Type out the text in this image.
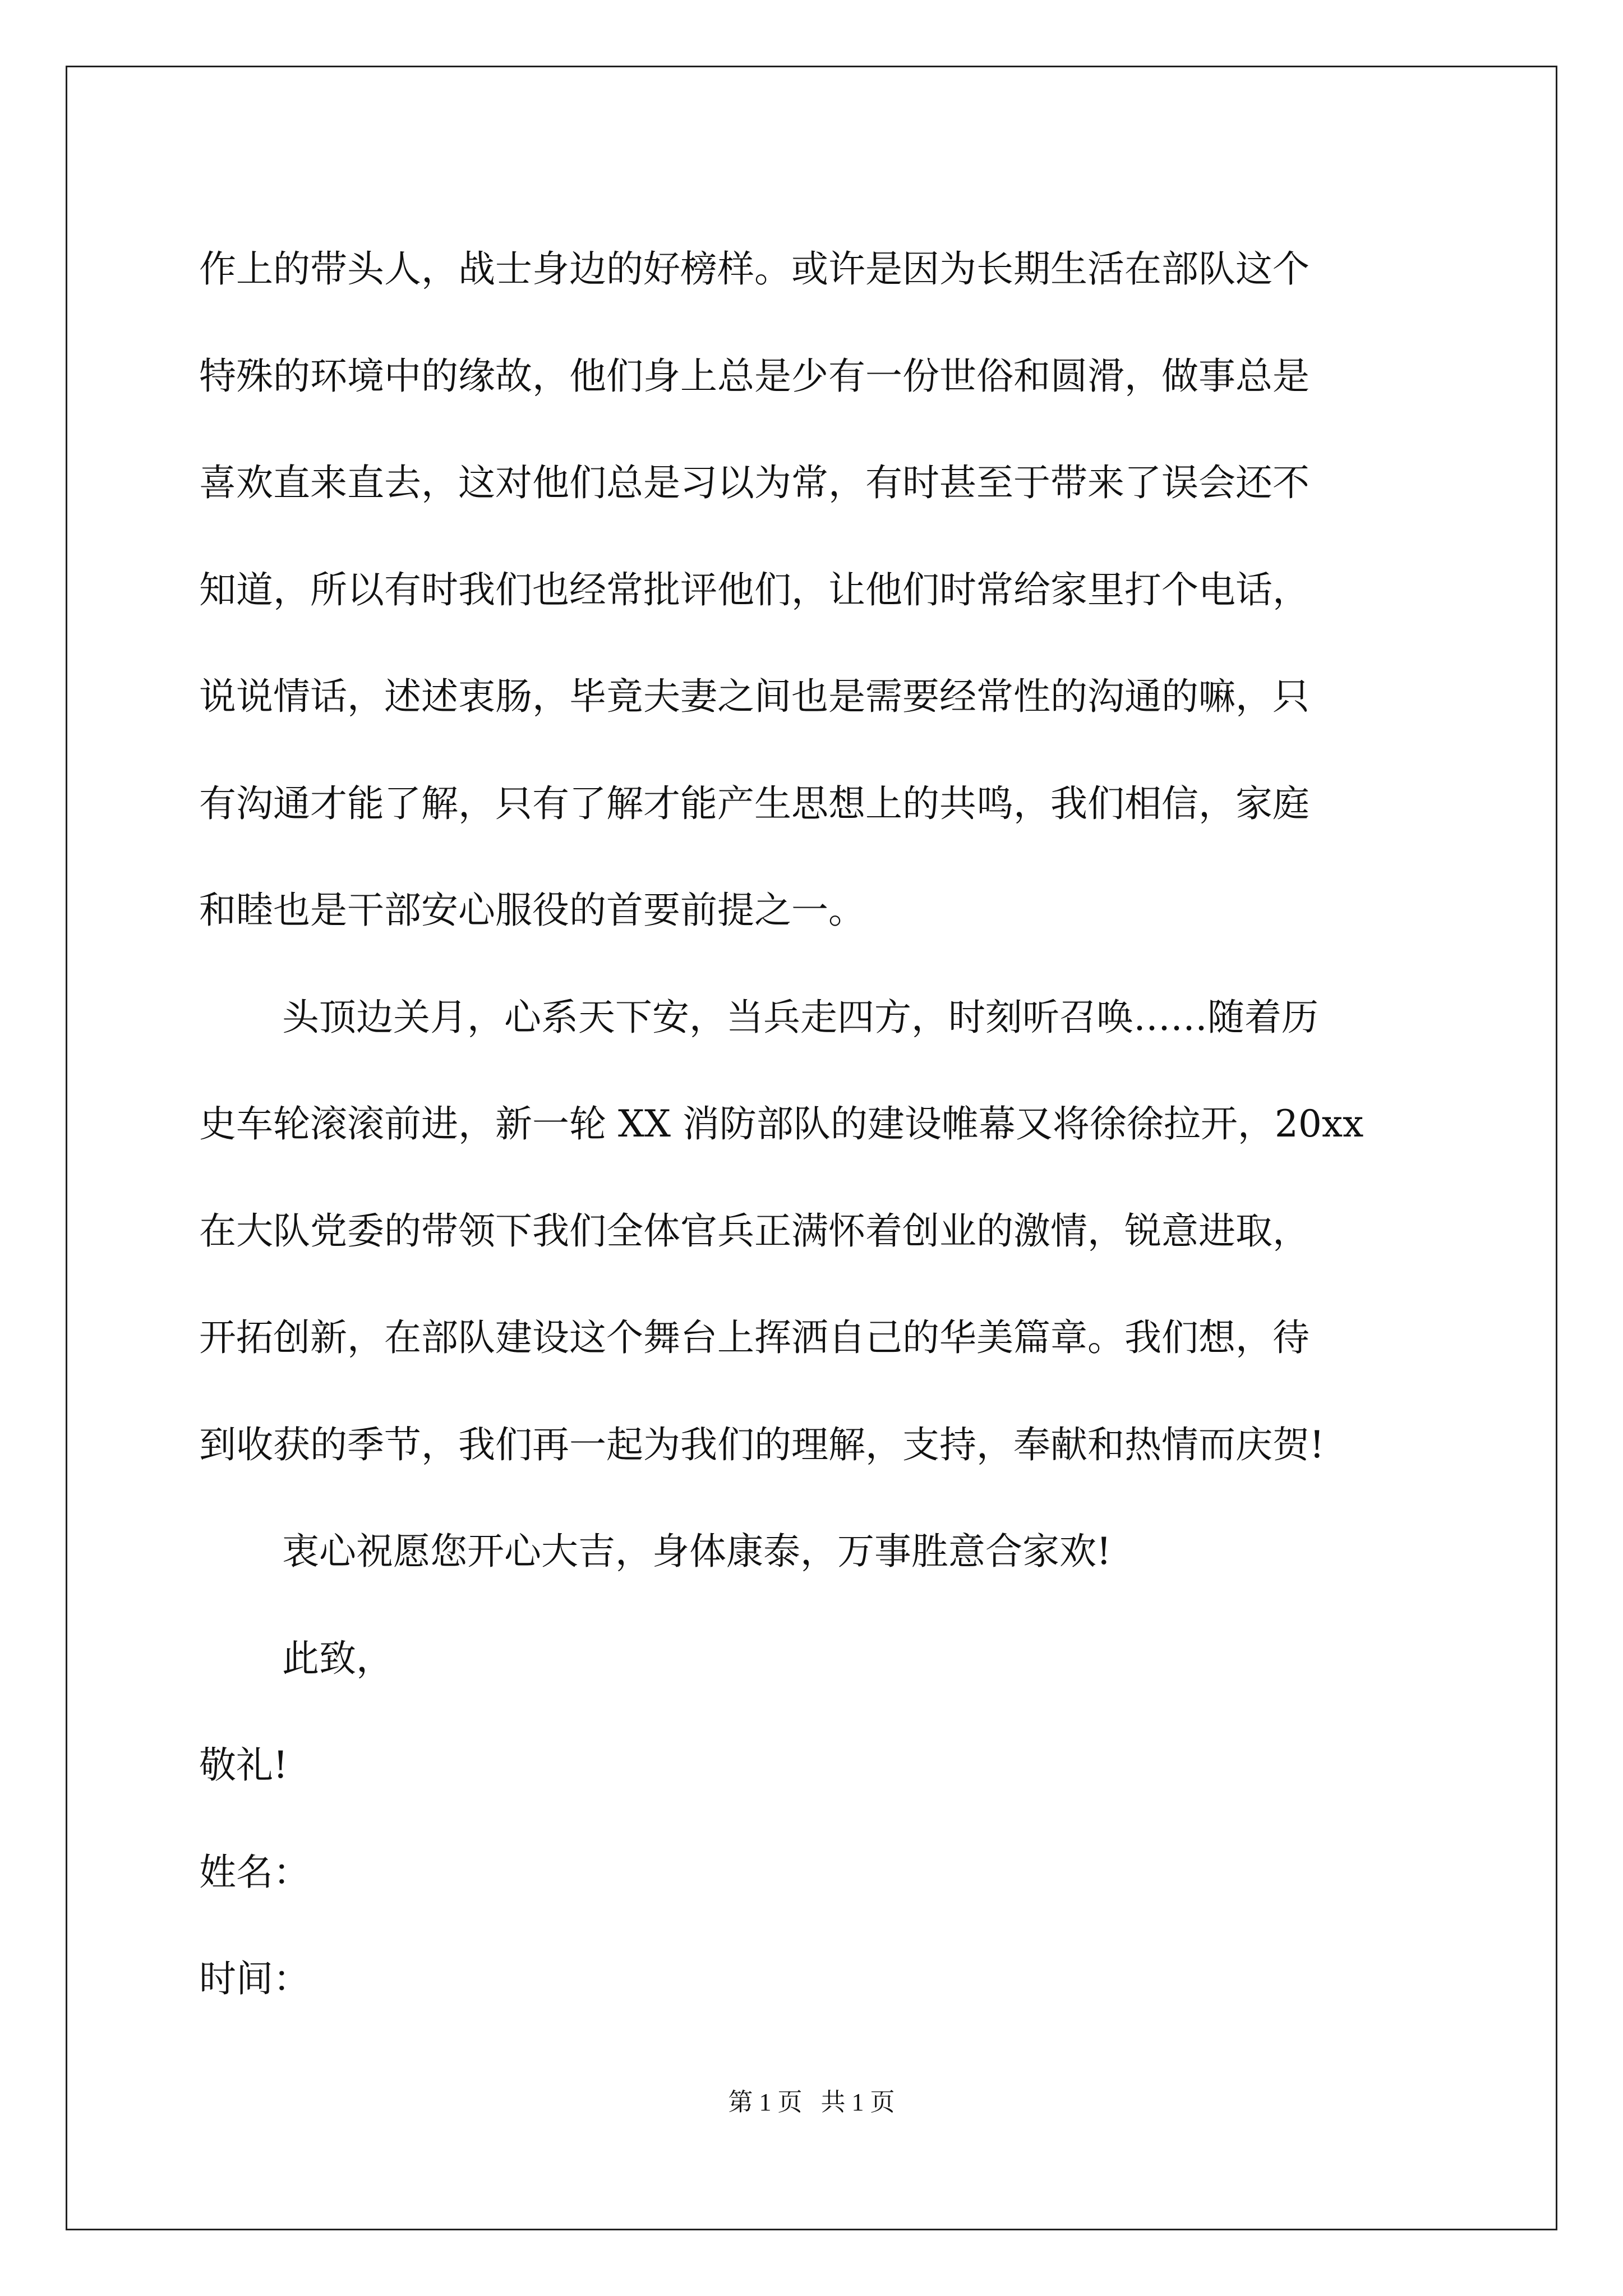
作上的带头人，战士身边的好榜样。或许是因为长期生活在部队这个
特殊的环境中的缘故，他们身上总是少有一份世俗和圆滑，做事总是
喜欢直来直去，这对他们总是习以为常，有时甚至于带来了误会还不
知道，所以有时我们也经常批评他们，让他们时常给家里打个电话，
说说情话，述述衷肠，毕竟夫妻之间也是需要经常性的沟通的嘛，只
有沟通才能了解，只有了解才能产生思想上的共鸣，我们相信，家庭
和睦也是干部安心服役的首要前提之一。
头顶边关月，心系天下安，当兵走四方，时刻听召唤……随着历
史车轮滚滚前进，新一轮 XX 消防部队的建设帷幕又将徐徐拉开，20xx
在大队党委的带领下我们全体官兵正满怀着创业的激情，锐意进取，
开拓创新，在部队建设这个舞台上挥洒自己的华美篇章。我们想，待
到收获的季节，我们再一起为我们的理解，支持，奉献和热情而庆贺!
衷心祝愿您开心大吉，身体康泰，万事胜意合家欢!
此致，
敬礼!
姓名：
时间：
第 1 页   共 1 页
